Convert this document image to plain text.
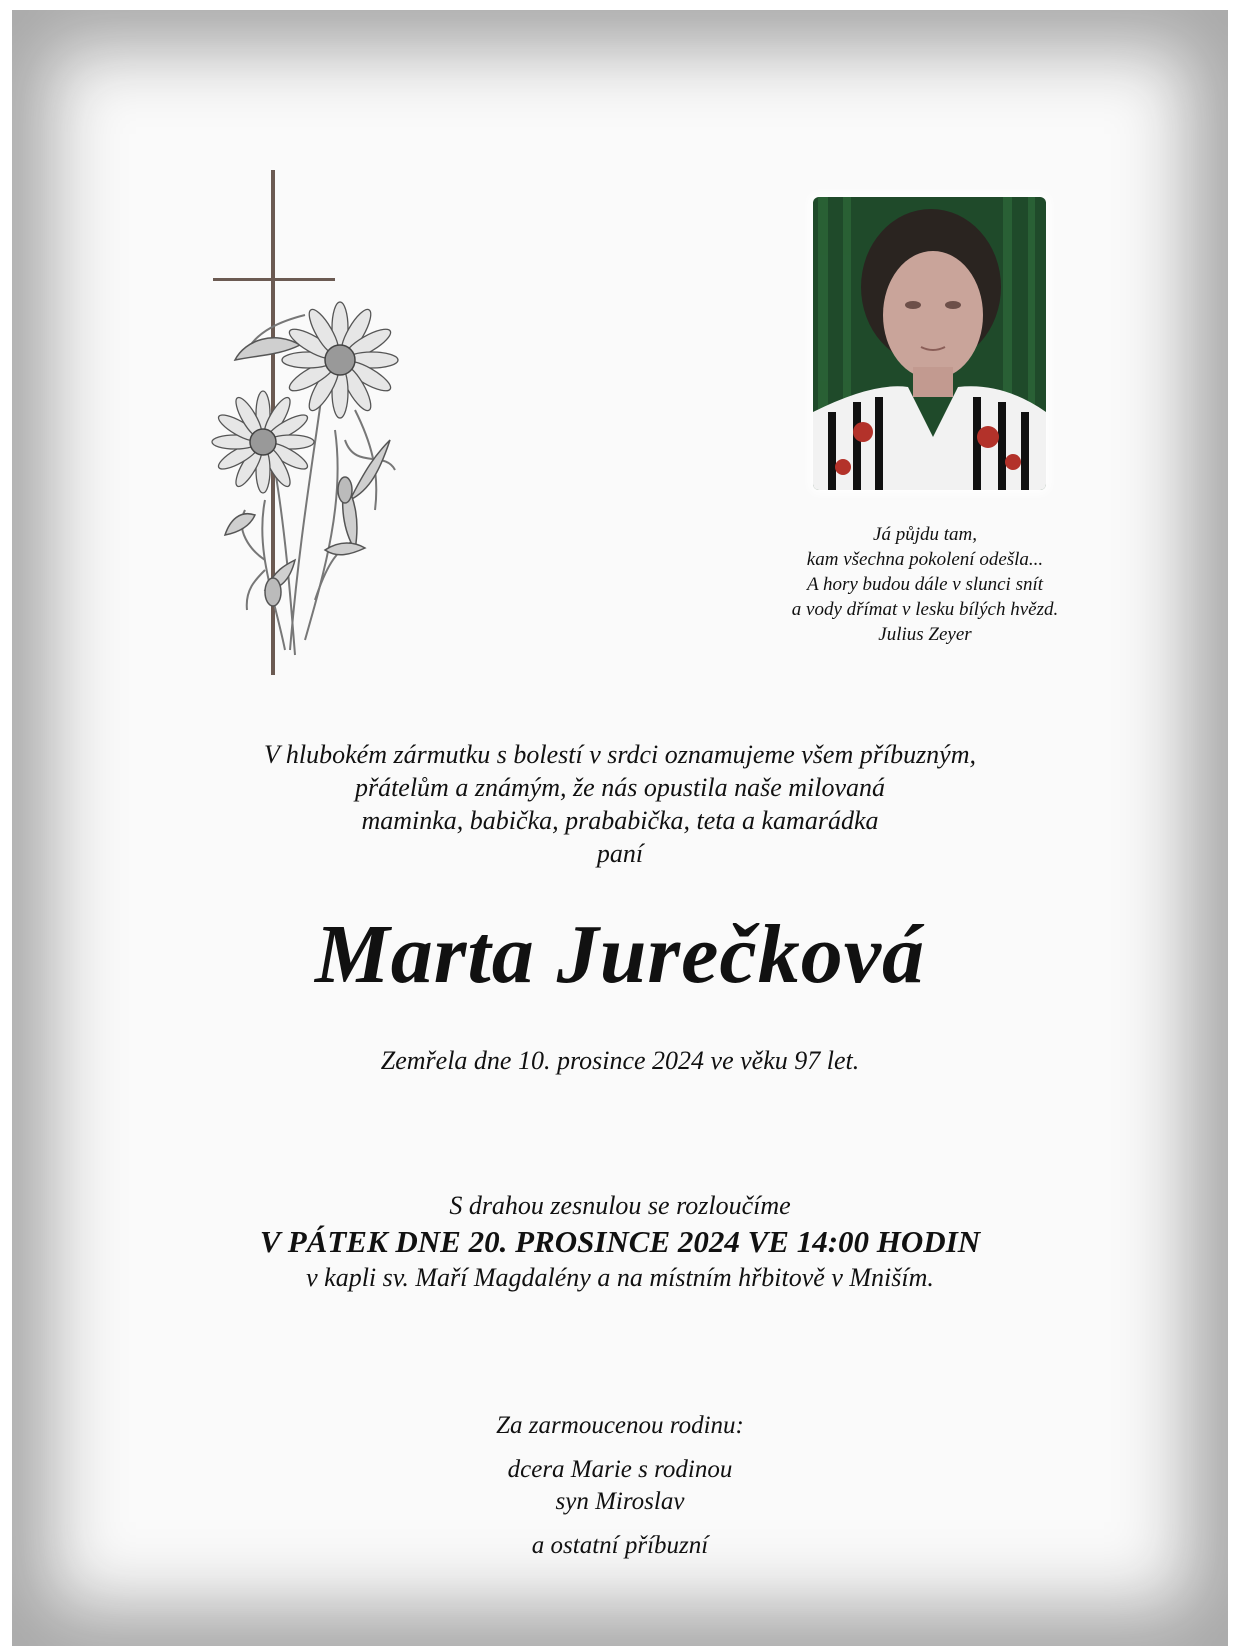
Já půjdu tam,
kam všechna pokolení odešla...
A hory budou dále v slunci snít
a vody dřímat v lesku bílých hvězd.
Julius Zeyer
V hlubokém zármutku s bolestí v srdci oznamujeme všem příbuzným,
přátelům a známým, že nás opustila naše milovaná
maminka, babička, prababička, teta a kamarádka
paní
Marta Jurečková
Zemřela dne 10. prosince 2024 ve věku 97 let.
S drahou zesnulou se rozloučíme
V PÁTEK DNE 20. PROSINCE 2024 VE 14:00 HODIN
v kapli sv. Maří Magdalény a na místním hřbitově v Mniším.
Za zarmoucenou rodinu:
dcera Marie s rodinou
syn Miroslav
a ostatní příbuzní
